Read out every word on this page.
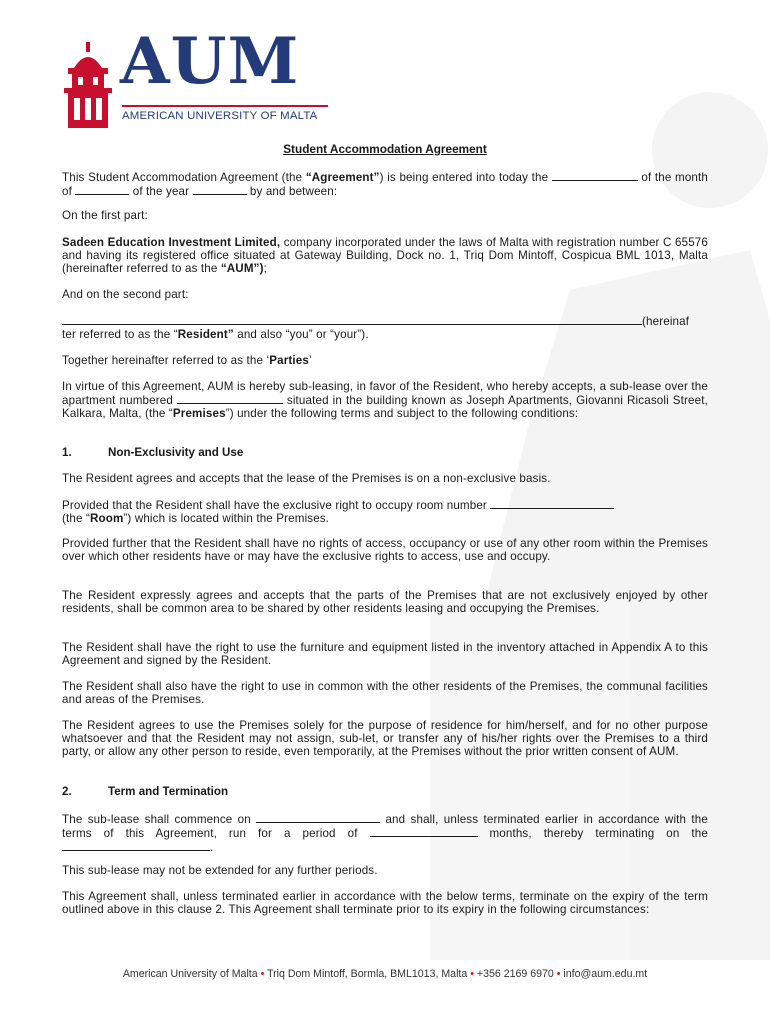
AUM
AMERICAN UNIVERSITY OF MALTA
Student Accommodation Agreement

This Student Accommodation Agreement (the “Agreement”) is being entered into today the	of the month of	of the year	by and between:

On the first part:

Sadeen Education Investment Limited, company incorporated under the laws of Malta with registration number C 65576 and having its registered office situated at Gateway Building, Dock no. 1, Triq Dom Mintoff, Cospicua BML 1013, Malta (hereinafter referred to as the “AUM”);

And on the second part:

(hereinaf
ter referred to as the “Resident” and also “you” or “your”).

Together hereinafter referred to as the ‘Parties’

In virtue of this Agreement, AUM is hereby sub-leasing, in favor of the Resident, who hereby accepts, a sub-lease over the apartment numbered	situated in the building known as Joseph Apartments, Giovanni Ricasoli Street, Kalkara, Malta, (the “Premises”) under the following terms and subject to the following conditions:

1.	Non-Exclusivity and Use

The Resident agrees and accepts that the lease of the Premises is on a non-exclusive basis.

Provided that the Resident shall have the exclusive right to occupy room number
(the “Room”) which is located within the Premises.

Provided further that the Resident shall have no rights of access, occupancy or use of any other room within the Premises over which other residents have or may have the exclusive rights to access, use and occupy.

The Resident expressly agrees and accepts that the parts of the Premises that are not exclusively enjoyed by other residents, shall be common area to be shared by other residents leasing and occupying the Premises.

The Resident shall have the right to use the furniture and equipment listed in the inventory attached in Appendix A to this Agreement and signed by the Resident.

The Resident shall also have the right to use in common with the other residents of the Premises, the communal facilities and areas of the Premises.

The Resident agrees to use the Premises solely for the purpose of residence for him/herself, and for no other purpose whatsoever and that the Resident may not assign, sub-let, or transfer any of his/her rights over the Premises to a third party, or allow any other person to reside, even temporarily, at the Premises without the prior written consent of AUM.

2.	Term and Termination

The sub-lease shall commence on	and shall, unless terminated earlier in accordance with the terms of this Agreement, run for a period of	months, thereby terminating on the .

This sub-lease may not be extended for any further periods.

This Agreement shall, unless terminated earlier in accordance with the below terms, terminate on the expiry of the term outlined above in this clause 2. This Agreement shall terminate prior to its expiry in the following circumstances:

American University of Malta • Triq Dom Mintoff, Bormla, BML1013, Malta • +356 2169 6970 • info@aum.edu.mt
